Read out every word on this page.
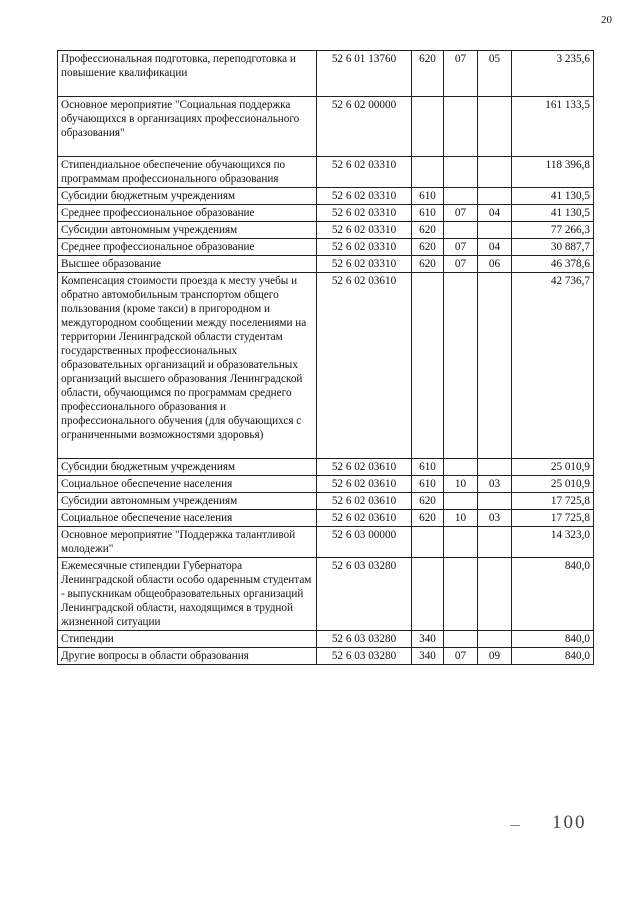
20
Профессиональная подготовка, переподготовка и повышение квалификации	52 6 01 13760	620	07	05	3 235,6
Основное мероприятие "Социальная поддержка обучающихся в организациях профессионального образования"	52 6 02 00000				161 133,5
Стипендиальное обеспечение обучающихся по программам профессионального образования	52 6 02 03310				118 396,8
Субсидии бюджетным учреждениям	52 6 02 03310	610			41 130,5
Среднее профессиональное образование	52 6 02 03310	610	07	04	41 130,5
Субсидии автономным учреждениям	52 6 02 03310	620			77 266,3
Среднее профессиональное образование	52 6 02 03310	620	07	04	30 887,7
Высшее образование	52 6 02 03310	620	07	06	46 378,6
Компенсация стоимости проезда к месту учебы и обратно автомобильным транспортом общего пользования (кроме такси) в пригородном и междугородном сообщении между поселениями на территории Ленинградской области студентам государственных профессиональных образовательных организаций и образовательных организаций высшего образования Ленинградской области, обучающимся по программам среднего профессионального образования и профессионального обучения (для обучающихся с ограниченными возможностями здоровья)	52 6 02 03610				42 736,7
Субсидии бюджетным учреждениям	52 6 02 03610	610			25 010,9
Социальное обеспечение населения	52 6 02 03610	610	10	03	25 010,9
Субсидии автономным учреждениям	52 6 02 03610	620			17 725,8
Социальное обеспечение населения	52 6 02 03610	620	10	03	17 725,8
Основное мероприятие "Поддержка талантливой молодежи"	52 6 03 00000				14 323,0
Ежемесячные стипендии Губернатора Ленинградской области особо одаренным студентам - выпускникам общеобразовательных организаций Ленинградской области, находящимся в трудной жизненной ситуации	52 6 03 03280				840,0
Стипендии	52 6 03 03280	340			840,0
Другие вопросы в области образования	52 6 03 03280	340	07	09	840,0
— 100
